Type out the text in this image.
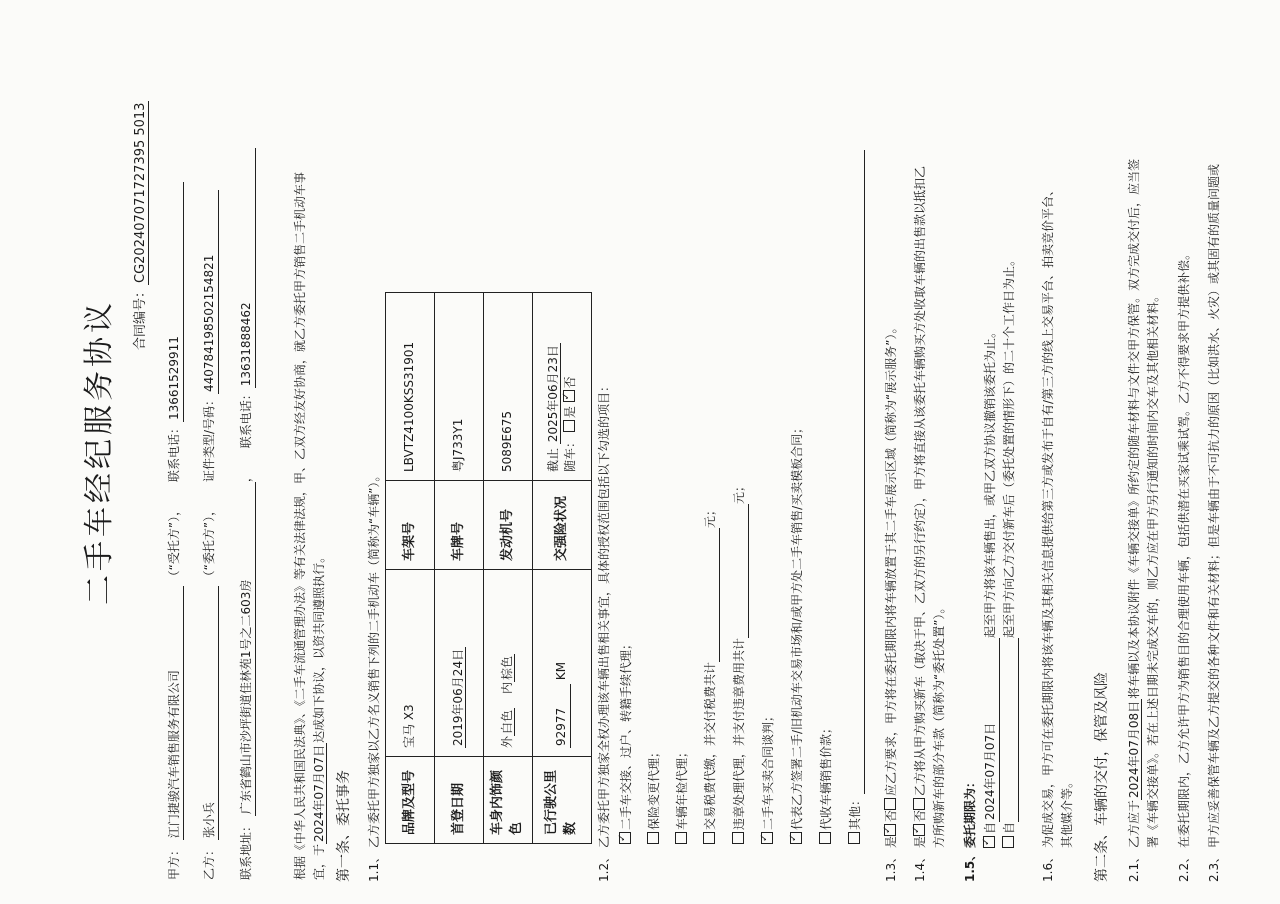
二手车经纪服务协议	合同编号：CG202407071727395 5013
甲方： 江门捷骏汽车销售服务有限公司 （“受托方”）， 联系电话：13661529911
乙方： 张小兵 （“委托方”）， 证件类型/号码：440784198502154821
联系地址： 广东省鹤山市沙坪街道佳林苑1号之二603房， 联系电话：13631888462	根据《中华人民共和国民法典》、《二手车流通管理办法》等有关法律法规，甲、乙双方经友好协商，就乙方委托甲方销售二手机动车事 宜，于2024年07月07日达成如下协议，以资共同遵照执行。
第一条、委托事务 1.1、乙方委托甲方独家以乙方名义销售下列的二手机动车（简称为“车辆”）。 品牌及型号	宝马 X3	车架号	LBVTZ4100KSS31901
首登日期	2019年06月24日	车牌号	粤J733Y1
车身内饰颜色	外白色内棕色	发动机号	5089E675
已行驶公里数	92977 KM	交强险状况	截止 2025年06月23日
随车： 是 ✓否
1.2、乙方委托甲方独家全权办理该车辆出售相关事宜，具体的授权范围包括以下勾选的项目：
✓ 二手车交接、过户、转籍手续代理； 保险变更代理； 车辆年检代理； 交易税费代缴，并交付税费共计 元；
违章处理代理，并支付违章费用共计 元；
✓二手车买卖合同谈判；
✓ 代表乙方签署二手/旧机动车交易市场和/或甲方处二手车销售/买卖模板合同； 代收车辆销售价款； 其他：
1.3、是✓否应乙方要求，甲方将在委托期限内将车辆放置于其二手车展示区域（简称为“展示服务”）。
1.4、是✓否乙方将从甲方购买新车（取决于甲、乙双方的另行约定），甲方将直接从该委托车辆购买方处收取车辆的出售款以抵扣乙 方所购新车的部分车款（简称为“委托处置”）。
1.5、委托期限为：
✓ 自2024年07月07日起至甲方将该车辆售出，或甲乙双方协议撤销该委托为止。
自 起至甲方向乙方交付新车后（委托处置的情形下）的二十个工作日为止。
1.6、为促成交易，甲方可在委托期限内将该车辆及其相关信息提供给第三方或发布于自有/第三方的线上交易平台、拍卖竞价平台、 其他媒介等。 第二条、车辆的交付，保管及风险 2.1、乙方应于2024年07月08日将车辆以及本协议附件《车辆交接单》所约定的随车材料与文件交甲方保管。双方完成交付后，应当签 署《车辆交接单》。若在上述日期未完成交车的，则乙方应在甲方另行通知的时间内交车及其他相关材料。
2.2、在委托期限内，乙方允许甲方为销售目的合理使用车辆，包括供潜在买家试乘试驾。乙方不得要求甲方提供补偿。
2.3、甲方应妥善保管车辆及乙方提交的各种文件和有关材料；但是车辆由于不可抗力的原因（比如洪水、火灾）或其固有的质量问题或
